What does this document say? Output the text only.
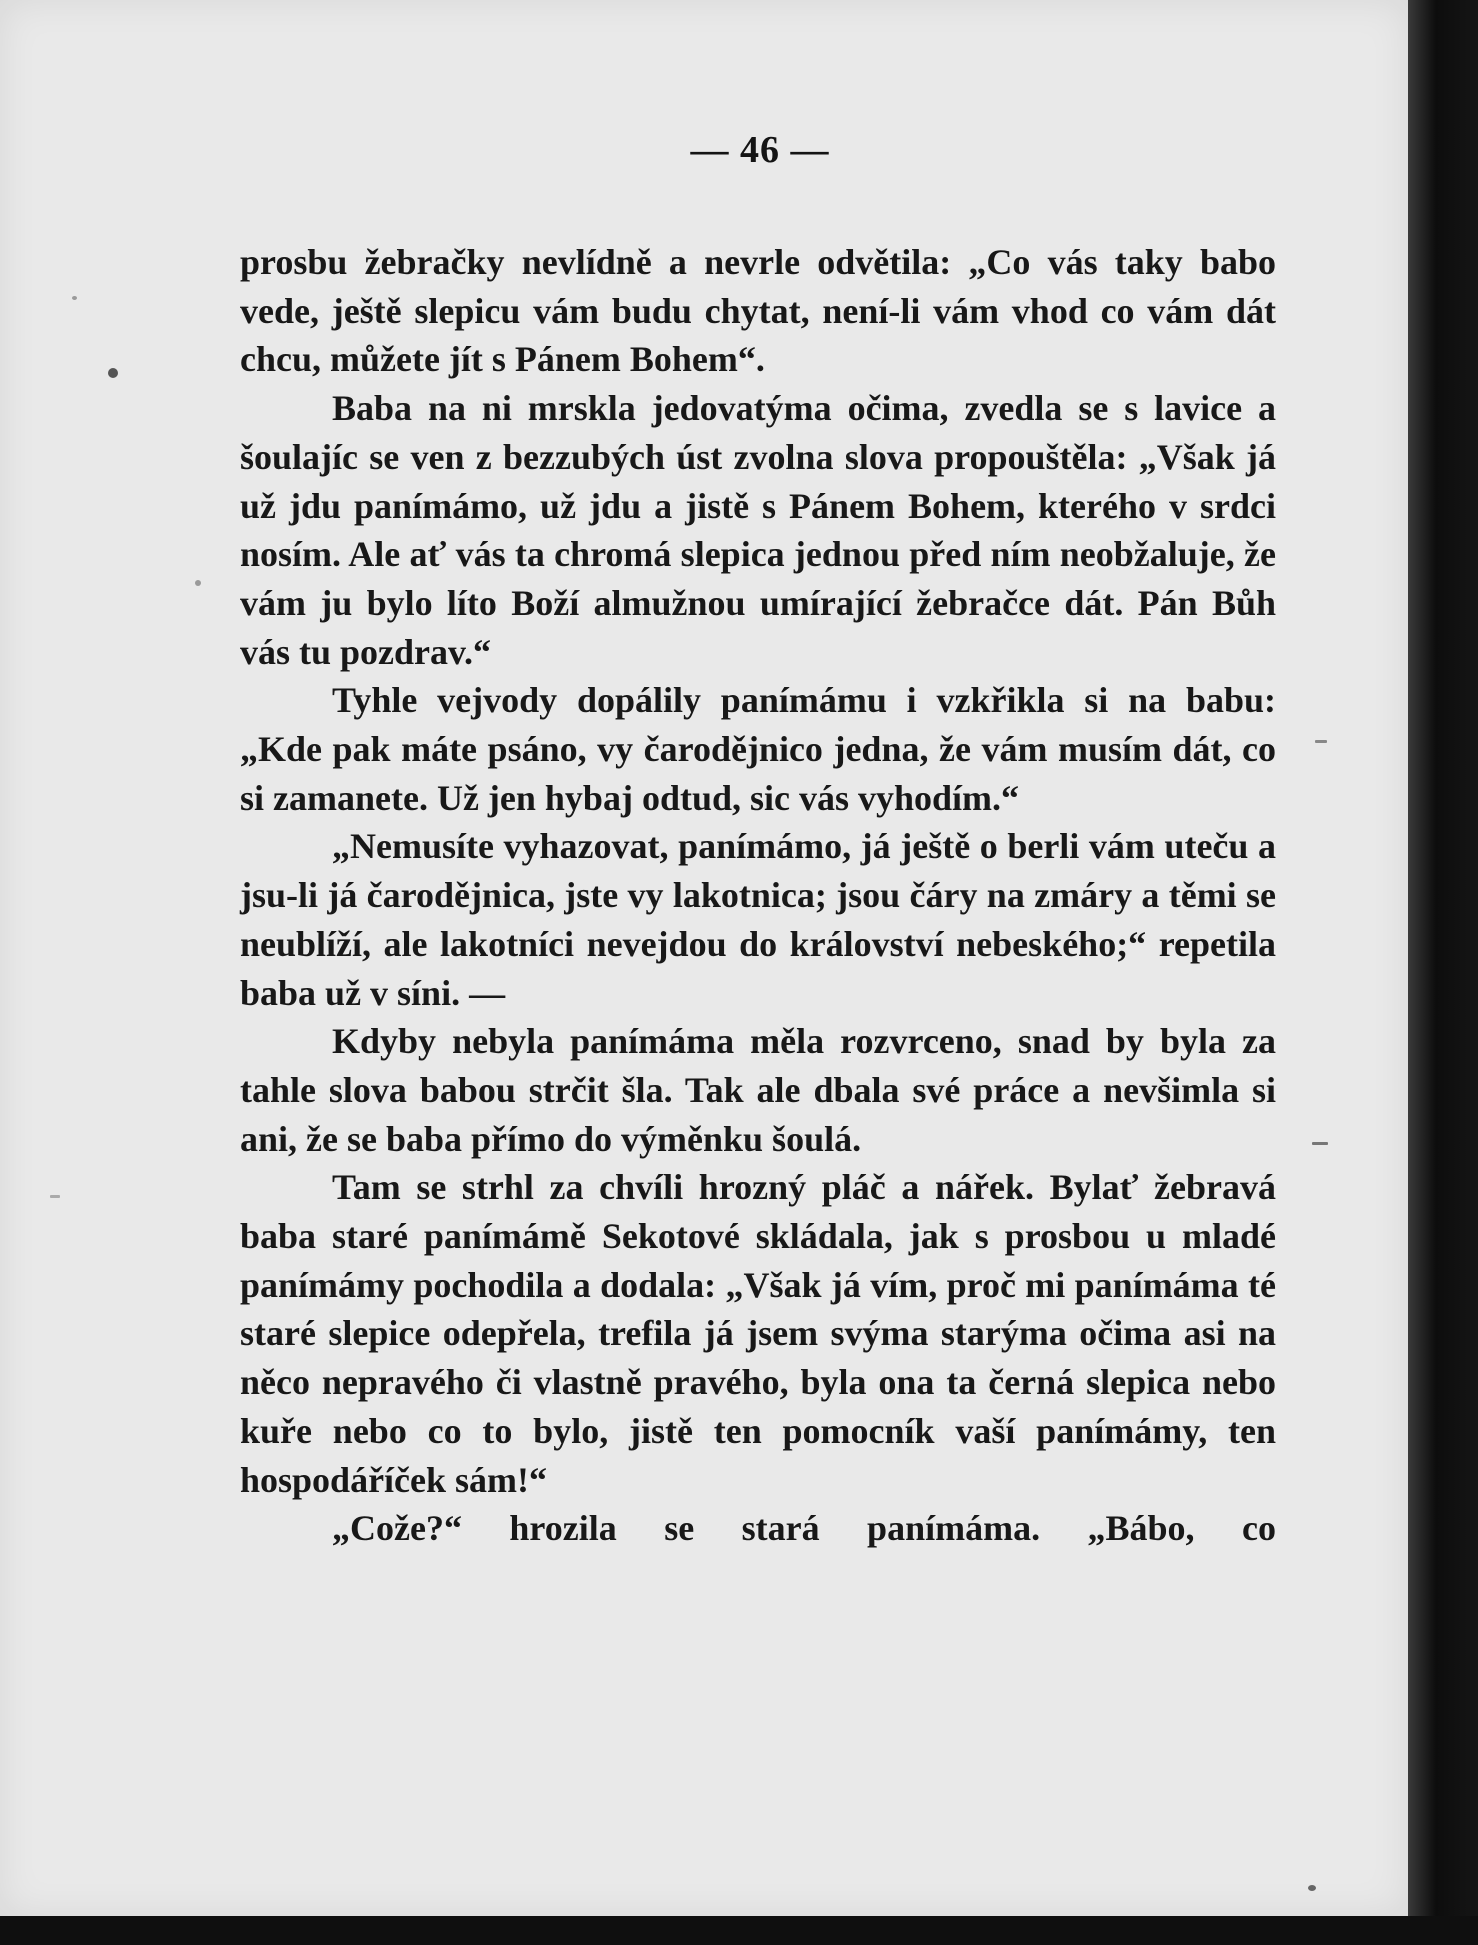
— 46 —

prosbu žebračky nevlídně a nevrle odvětila: „Co vás taky babo vede, ještě slepicu vám budu chytat, není-li vám vhod co vám dát chcu, můžete jít s Pánem Bohem“.

Baba na ni mrskla jedovatýma očima, zvedla se s lavice a šoulajíc se ven z bezzubých úst zvolna slova propouštěla: „Však já už jdu panímámo, už jdu a jistě s Pánem Bohem, kterého v srdci nosím. Ale ať vás ta chromá slepica jednou před ním neobžaluje, že vám ju bylo líto Boží almužnou umírající žebračce dát. Pán Bůh vás tu pozdrav.“

Tyhle vejvody dopálily panímámu i vzkřikla si na babu: „Kde pak máte psáno, vy čarodějnico jedna, že vám musím dát, co si zamanete. Už jen hybaj odtud, sic vás vyhodím.“

„Nemusíte vyhazovat, panímámo, já ještě o berli vám uteču a jsu-li já čarodějnica, jste vy lakotnica; jsou čáry na zmáry a těmi se neublíží, ale lakotníci nevejdou do království nebeského;“ repetila baba už v síni. —

Kdyby nebyla panímáma měla rozvrceno, snad by byla za tahle slova babou strčit šla. Tak ale dbala své práce a nevšimla si ani, že se baba přímo do výměnku šoulá.

Tam se strhl za chvíli hrozný pláč a nářek. Bylať žebravá baba staré panímámě Sekotové skládala, jak s prosbou u mladé panímámy pochodila a dodala: „Však já vím, proč mi panímáma té staré slepice odepřela, trefila já jsem svýma starýma očima asi na něco nepravého či vlastně pravého, byla ona ta černá slepica nebo kuře nebo co to bylo, jistě ten pomocník vaší panímámy, ten hospodáříček sám!“

„Cože?“ hrozila se stará panímáma. „Bábo, co
